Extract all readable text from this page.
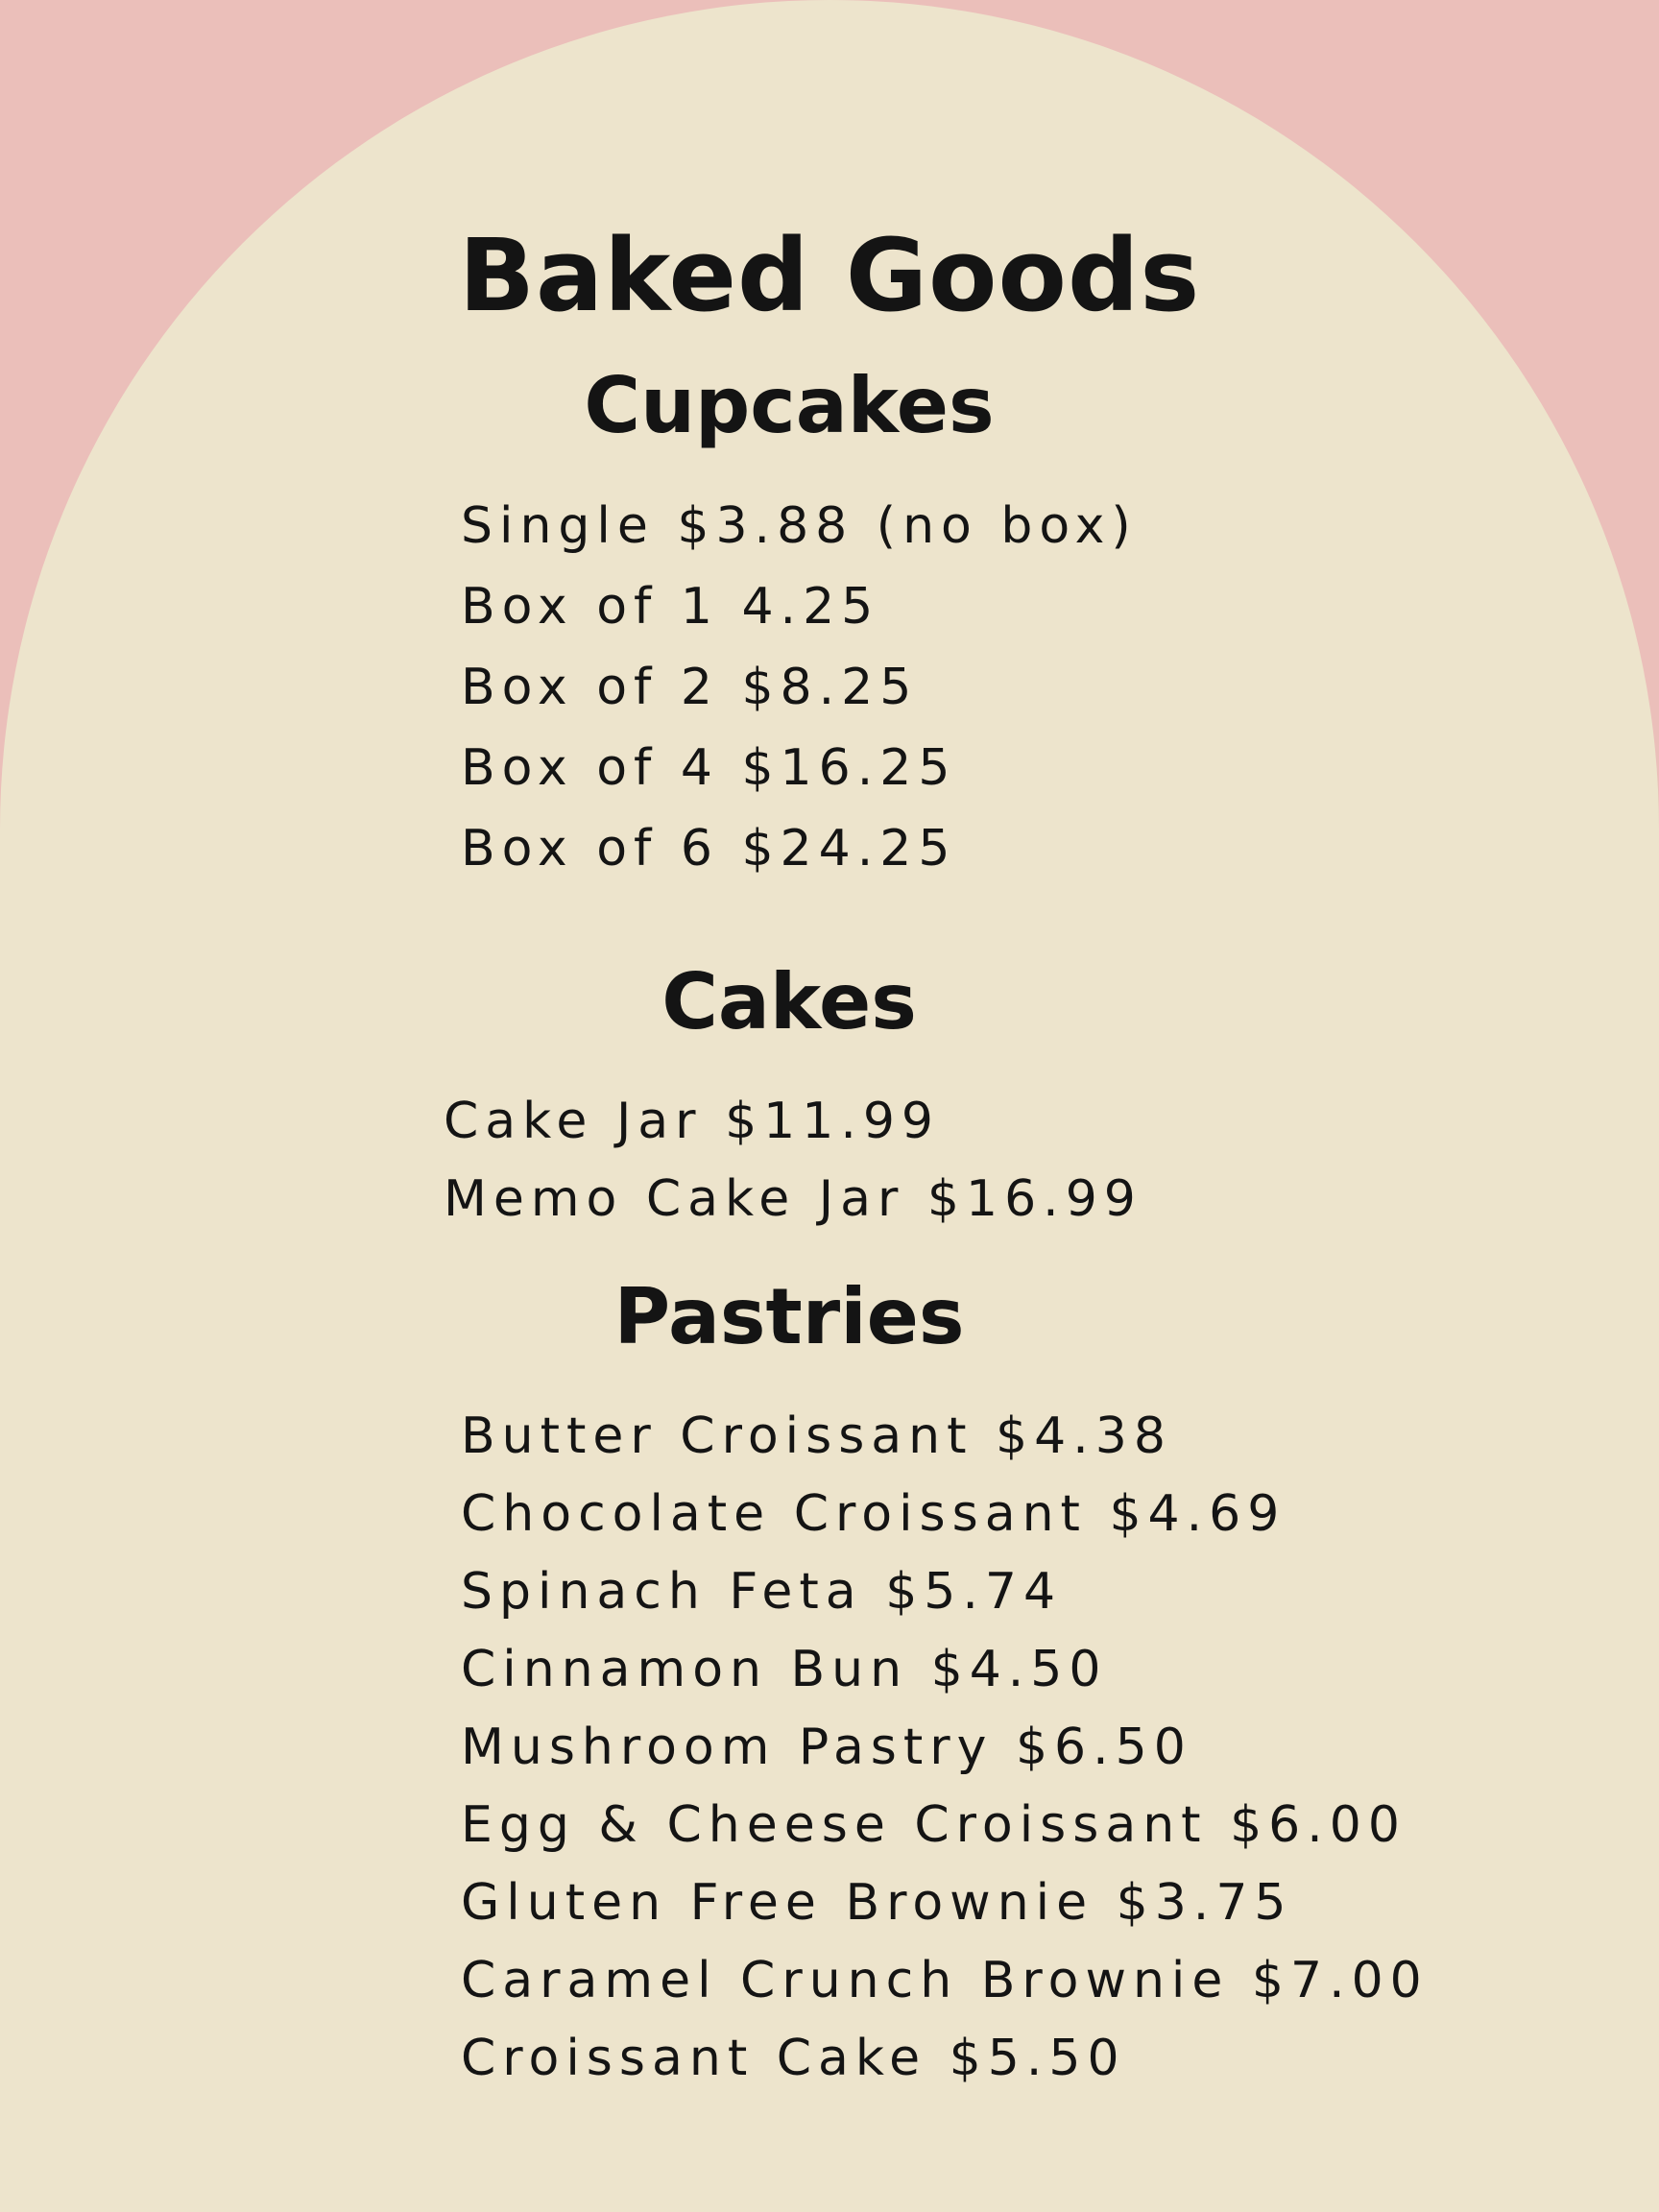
Baked Goods
Cupcakes
Single $3.88 (no box)
Box of 1 4.25
Box of 2 $8.25
Box of 4 $16.25
Box of 6 $24.25
Cakes
Cake Jar $11.99
Memo Cake Jar $16.99
Pastries
Butter Croissant $4.38
Chocolate Croissant $4.69
Spinach Feta $5.74
Cinnamon Bun $4.50
Mushroom Pastry $6.50
Egg & Cheese Croissant $6.00
Gluten Free Brownie $3.75
Caramel Crunch Brownie $7.00
Croissant Cake $5.50
